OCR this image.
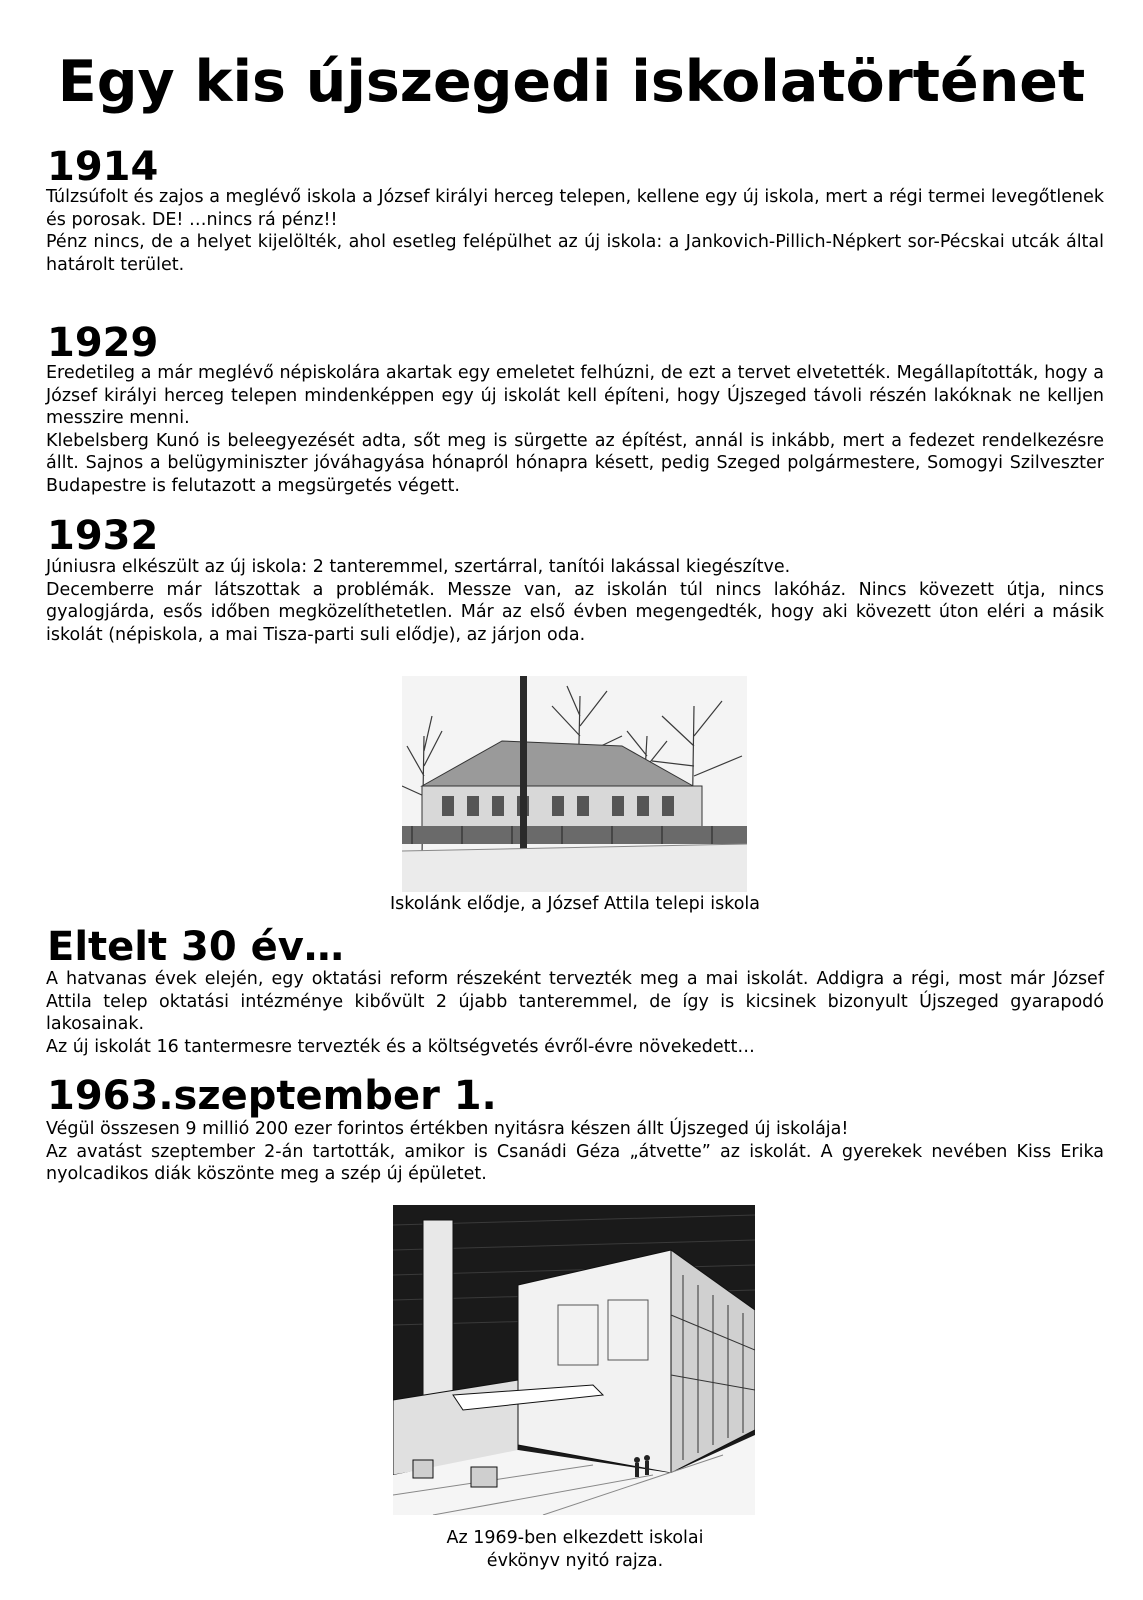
Egy kis újszegedi iskolatörténet
1914

Túlzsúfolt és zajos a meglévő iskola a József királyi herceg telepen, kellene egy új iskola, mert a régi termei levegőtlenek és porosak. DE! …nincs rá pénz!!

Pénz nincs, de a helyet kijelölték, ahol esetleg felépülhet az új iskola: a Jankovich-Pillich-Népkert sor-Pécskai utcák által határolt terület.

1929

Eredetileg a már meglévő népiskolára akartak egy emeletet felhúzni, de ezt a tervet elvetették. Megállapították, hogy a József királyi herceg telepen mindenképpen egy új iskolát kell építeni, hogy Újszeged távoli részén lakóknak ne kelljen messzire menni.

Klebelsberg Kunó is beleegyezését adta, sőt meg is sürgette az építést, annál is inkább, mert a fedezet rendelkezésre állt. Sajnos a belügyminiszter jóváhagyása hónapról hónapra késett, pedig Szeged polgármestere, Somogyi Szilveszter Budapestre is felutazott a megsürgetés végett.

1932

Júniusra elkészült az új iskola: 2 tanteremmel, szertárral, tanítói lakással kiegészítve.

Decemberre már látszottak a problémák. Messze van, az iskolán túl nincs lakóház. Nincs kövezett útja, nincs gyalogjárda, esős időben megközelíthetetlen. Már az első évben megengedték, hogy aki kövezett úton eléri a másik iskolát (népiskola, a mai Tisza-parti suli elődje), az járjon oda.

Iskolánk elődje, a József Attila telepi iskola
Eltelt 30 év…

A hatvanas évek elején, egy oktatási reform részeként tervezték meg a mai iskolát. Addigra a régi, most már József Attila telep oktatási intézménye kibővült 2 újabb tanteremmel, de így is kicsinek bizonyult Újszeged gyarapodó lakosainak.

Az új iskolát 16 tantermesre tervezték és a költségvetés évről-évre növekedett…

1963.szeptember 1.

Végül összesen 9 millió 200 ezer forintos értékben nyitásra készen állt Újszeged új iskolája!

Az avatást szeptember 2-án tartották, amikor is Csanádi Géza „átvette” az iskolát. A gyerekek nevében Kiss Erika nyolcadikos diák köszönte meg a szép új épületet.

Az 1969-ben elkezdett iskolai
évkönyv nyitó rajza.
